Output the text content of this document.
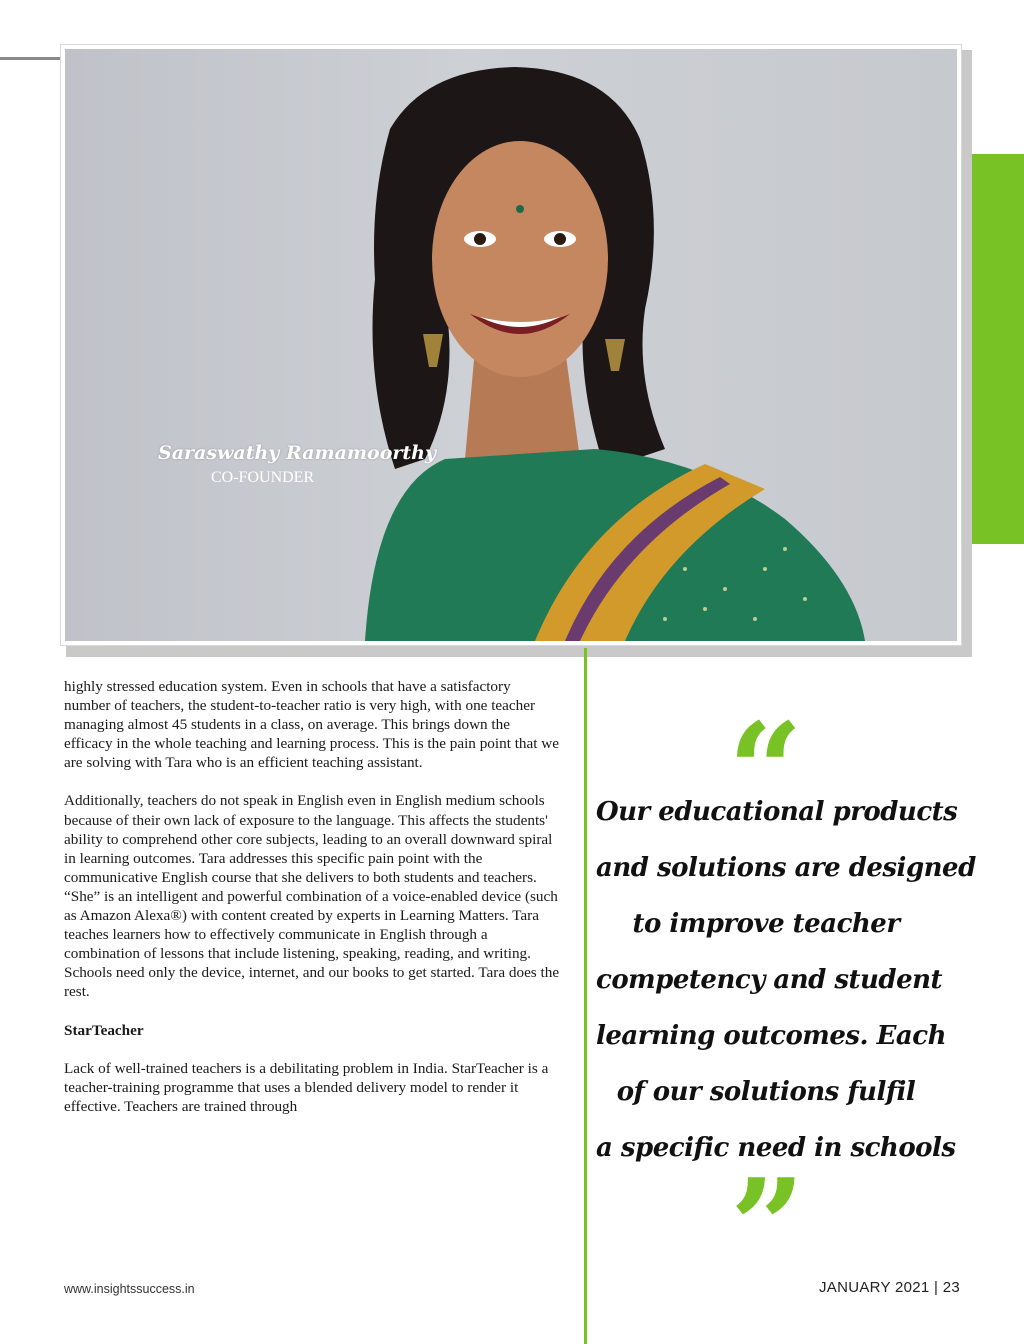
Saraswathy Ramamoorthy
CO-FOUNDER

highly stressed education system. Even in schools that have a satisfactory number of teachers, the student-to-teacher ratio is very high, with one teacher managing almost 45 students in a class, on average. This brings down the efficacy in the whole teaching and learning process. This is the pain point that we are solving with Tara who is an efficient teaching assistant.

Additionally, teachers do not speak in English even in English medium schools because of their own lack of exposure to the language. This affects the students' ability to comprehend other core subjects, leading to an overall downward spiral in learning outcomes. Tara addresses this specific pain point with the communicative English course that she delivers to both students and teachers. “She” is an intelligent and powerful combination of a voice-enabled device (such as Amazon Alexa®) with content created by experts in Learning Matters. Tara teaches learners how to effectively communicate in English through a combination of lessons that include listening, speaking, reading, and writing. Schools need only the device, internet, and our books to get started. Tara does the rest.

StarTeacher

Lack of well-trained teachers is a debilitating problem in India. StarTeacher is a teacher-training programme that uses a blended delivery model to render it effective. Teachers are trained through

“
Our educational products
and solutions are designed
to improve teacher
competency and student
learning outcomes. Each
of our solutions fulfil
a specific need in schools
”
www.insightssuccess.in	JANUARY 2021 | 23
